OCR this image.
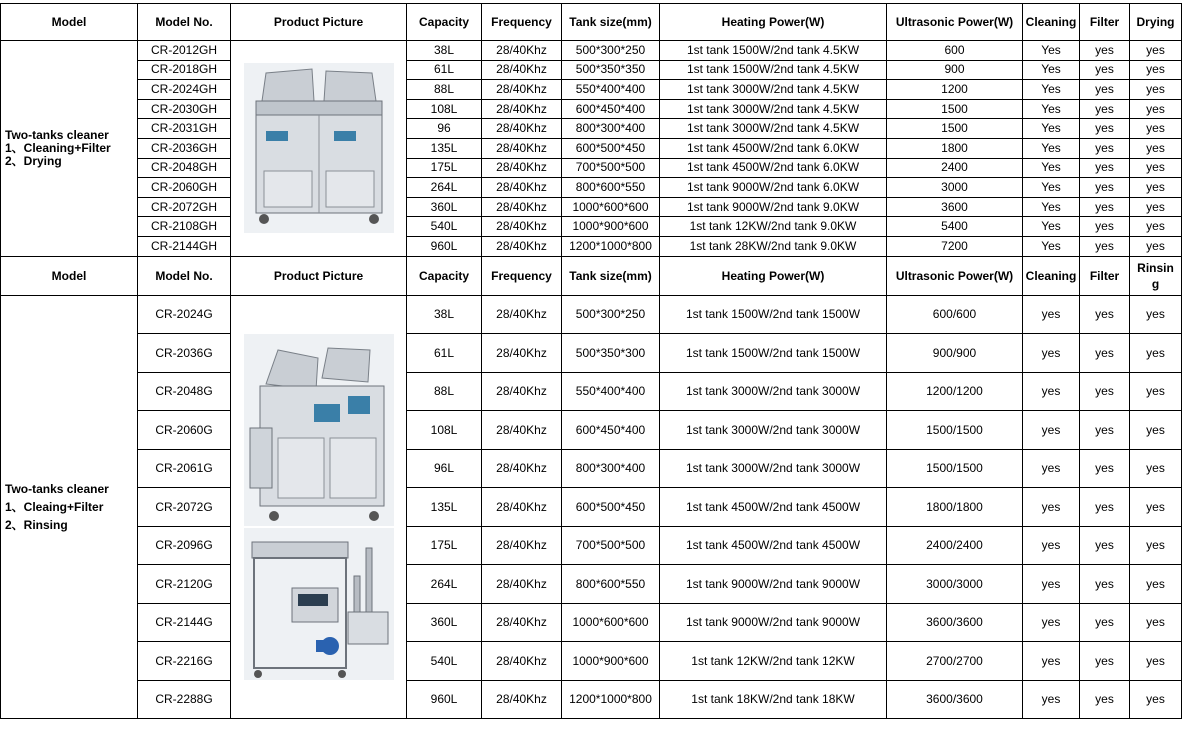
Model	Model No.	Product Picture	Capacity	Frequency	Tank size(mm)	Heating Power(W)	Ultrasonic Power(W)	Cleaning	Filter	Drying

Two-tanks cleaner
1、Cleaning+Filter
2、Drying	CR-2012GH		38L	28/40Khz	500*300*250	1st tank 1500W/2nd tank 4.5KW	600	Yes	yes	yes
	CR-2018GH		61L	28/40Khz	500*350*350	1st tank 1500W/2nd tank 4.5KW	900	Yes	yes	yes
	CR-2024GH		88L	28/40Khz	550*400*400	1st tank 3000W/2nd tank 4.5KW	1200	Yes	yes	yes
	CR-2030GH		108L	28/40Khz	600*450*400	1st tank 3000W/2nd tank 4.5KW	1500	Yes	yes	yes
	CR-2031GH		96	28/40Khz	800*300*400	1st tank 3000W/2nd tank 4.5KW	1500	Yes	yes	yes
	CR-2036GH		135L	28/40Khz	600*500*450	1st tank 4500W/2nd tank 6.0KW	1800	Yes	yes	yes
	CR-2048GH		175L	28/40Khz	700*500*500	1st tank 4500W/2nd tank 6.0KW	2400	Yes	yes	yes
	CR-2060GH		264L	28/40Khz	800*600*550	1st tank 9000W/2nd tank 6.0KW	3000	Yes	yes	yes
	CR-2072GH		360L	28/40Khz	1000*600*600	1st tank 9000W/2nd tank 9.0KW	3600	Yes	yes	yes
	CR-2108GH		540L	28/40Khz	1000*900*600	1st tank 12KW/2nd tank 9.0KW	5400	Yes	yes	yes
	CR-2144GH		960L	28/40Khz	1200*1000*800	1st tank 28KW/2nd tank 9.0KW	7200	Yes	yes	yes
Model	Model No.	Product Picture	Capacity	Frequency	Tank size(mm)	Heating Power(W)	Ultrasonic Power(W)	Cleaning	Filter	Rinsin
g

Two-tanks cleaner
1、Cleaing+Filter
2、Rinsing	CR-2024G		38L	28/40Khz	500*300*250	1st tank 1500W/2nd tank 1500W	600/600	yes	yes	yes
	CR-2036G		61L	28/40Khz	500*350*300	1st tank 1500W/2nd tank 1500W	900/900	yes	yes	yes
	CR-2048G		88L	28/40Khz	550*400*400	1st tank 3000W/2nd tank 3000W	1200/1200	yes	yes	yes
	CR-2060G		108L	28/40Khz	600*450*400	1st tank 3000W/2nd tank 3000W	1500/1500	yes	yes	yes
	CR-2061G		96L	28/40Khz	800*300*400	1st tank 3000W/2nd tank 3000W	1500/1500	yes	yes	yes
	CR-2072G		135L	28/40Khz	600*500*450	1st tank 4500W/2nd tank 4500W	1800/1800	yes	yes	yes
	CR-2096G		175L	28/40Khz	700*500*500	1st tank 4500W/2nd tank 4500W	2400/2400	yes	yes	yes
	CR-2120G		264L	28/40Khz	800*600*550	1st tank 9000W/2nd tank 9000W	3000/3000	yes	yes	yes
	CR-2144G		360L	28/40Khz	1000*600*600	1st tank 9000W/2nd tank 9000W	3600/3600	yes	yes	yes
	CR-2216G		540L	28/40Khz	1000*900*600	1st tank 12KW/2nd tank 12KW	2700/2700	yes	yes	yes
	CR-2288G		960L	28/40Khz	1200*1000*800	1st tank 18KW/2nd tank 18KW	3600/3600	yes	yes	yes
